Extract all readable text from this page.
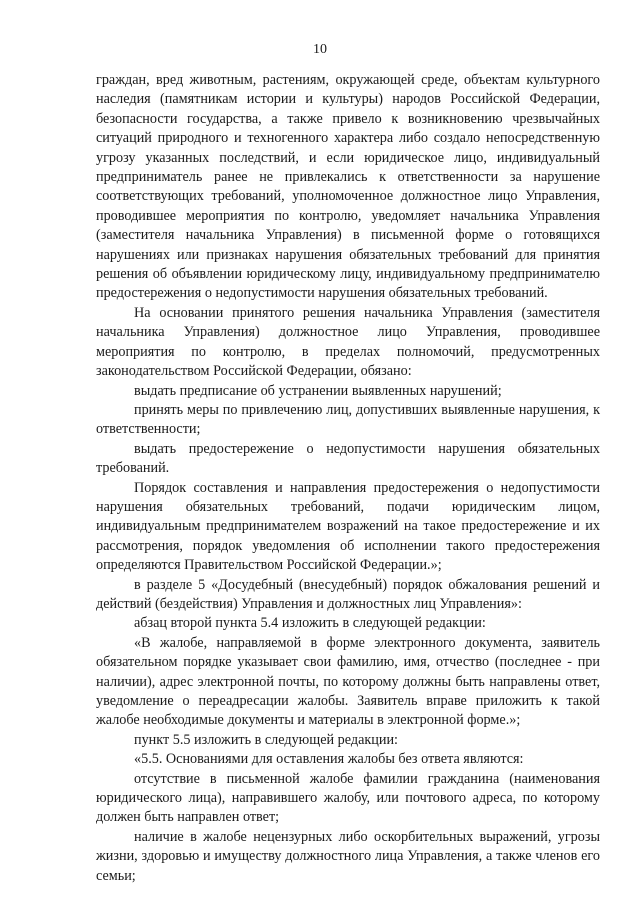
10

граждан, вред животным, растениям, окружающей среде, объектам культурного наследия (памятникам истории и культуры) народов Российской Федерации, безопасности государства, а также привело к возникновению чрезвычайных ситуаций природного и техногенного характера либо создало непосредственную угрозу указанных последствий, и если юридическое лицо, индивидуальный предприниматель ранее не привлекались к ответственности за нарушение соответствующих требований, уполномоченное должностное лицо Управления, проводившее мероприятия по контролю, уведомляет начальника Управления (заместителя начальника Управления) в письменной форме о готовящихся нарушениях или признаках нарушения обязательных требований для принятия решения об объявлении юридическому лицу, индивидуальному предпринимателю предостережения о недопустимости нарушения обязательных требований.

На основании принятого решения начальника Управления (заместителя начальника Управления) должностное лицо Управления, проводившее мероприятия по контролю, в пределах полномочий, предусмотренных законодательством Российской Федерации, обязано:

выдать предписание об устранении выявленных нарушений;

принять меры по привлечению лиц, допустивших выявленные нарушения, к ответственности;

выдать предостережение о недопустимости нарушения обязательных требований.

Порядок составления и направления предостережения о недопустимости нарушения обязательных требований, подачи юридическим лицом, индивидуальным предпринимателем возражений на такое предостережение и их рассмотрения, порядок уведомления об исполнении такого предостережения определяются Правительством Российской Федерации.»;

в разделе 5 «Досудебный (внесудебный) порядок обжалования решений и действий (бездействия) Управления и должностных лиц Управления»:

абзац второй пункта 5.4 изложить в следующей редакции:

«В жалобе, направляемой в форме электронного документа, заявитель обязательном порядке указывает свои фамилию, имя, отчество (последнее - при наличии), адрес электронной почты, по которому должны быть направлены ответ, уведомление о переадресации жалобы. Заявитель вправе приложить к такой жалобе необходимые документы и материалы в электронной форме.»;

пункт 5.5 изложить в следующей редакции:

«5.5. Основаниями для оставления жалобы без ответа являются:

отсутствие в письменной жалобе фамилии гражданина (наименования юридического лица), направившего жалобу, или почтового адреса, по которому должен быть направлен ответ;

наличие в жалобе нецензурных либо оскорбительных выражений, угрозы жизни, здоровью и имуществу должностного лица Управления, а также членов его семьи;
